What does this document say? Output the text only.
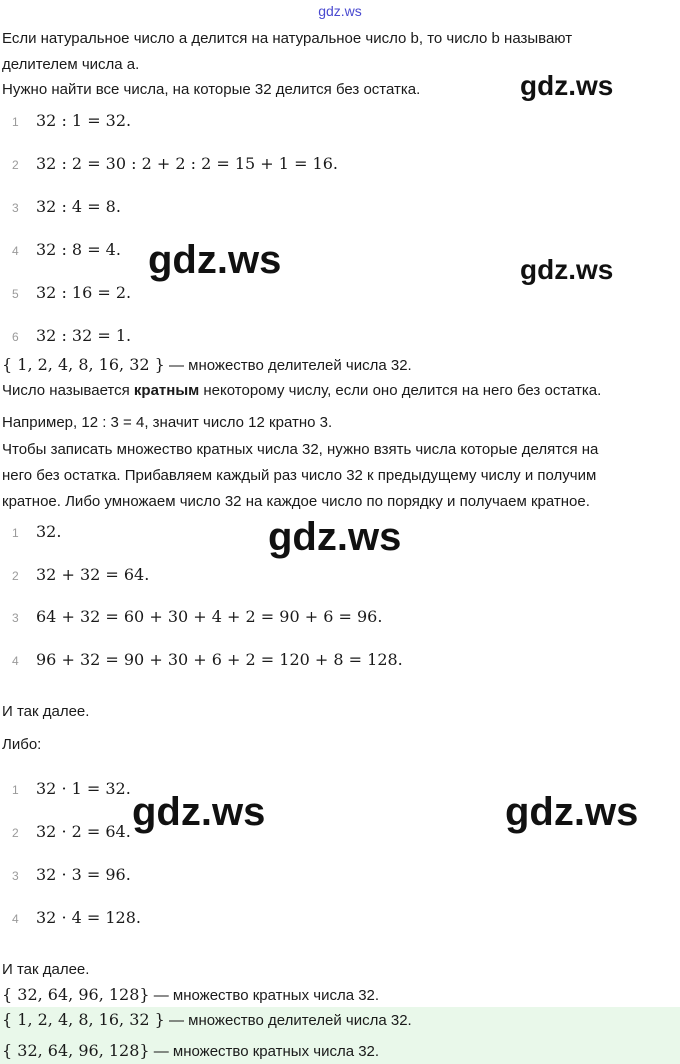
gdz.ws
Если натуральное число a делится на натуральное число b, то число b называют
делителем числа a.
Нужно найти все числа, на которые 32 делится без остатка.	gdz.ws
1 32 : 1 = 32.
2 32 : 2 = 30 : 2 + 2 : 2 = 15 + 1 = 16.
3 32 : 4 = 8.
4 32 : 8 = 4.
5 32 : 16 = 2.
6 32 : 32 = 1.
gdz.ws	gdz.ws
{ 1, 2, 4, 8, 16, 32 } — множество делителей числа 32.
Число называется кратным некоторому числу, если оно делится на него без остатка.
Например, 12 : 3 = 4, значит число 12 кратно 3.
Чтобы записать множество кратных числа 32, нужно взять числа которые делятся на
него без остатка. Прибавляем каждый раз число 32 к предыдущему числу и получим
кратное. Либо умножаем число 32 на каждое число по порядку и получаем кратное.
1 32.
2 32 + 32 = 64.
3 64 + 32 = 60 + 30 + 4 + 2 = 90 + 6 = 96.
4 96 + 32 = 90 + 30 + 6 + 2 = 120 + 8 = 128.
gdz.ws
И так далее.
Либо:
1 32 · 1 = 32.
2 32 · 2 = 64.
3 32 · 3 = 96.
4 32 · 4 = 128.
gdz.ws	gdz.ws
И так далее.
{ 32, 64, 96, 128} — множество кратных числа 32.
{ 1, 2, 4, 8, 16, 32 } — множество делителей числа 32.
{ 32, 64, 96, 128} — множество кратных числа 32.
